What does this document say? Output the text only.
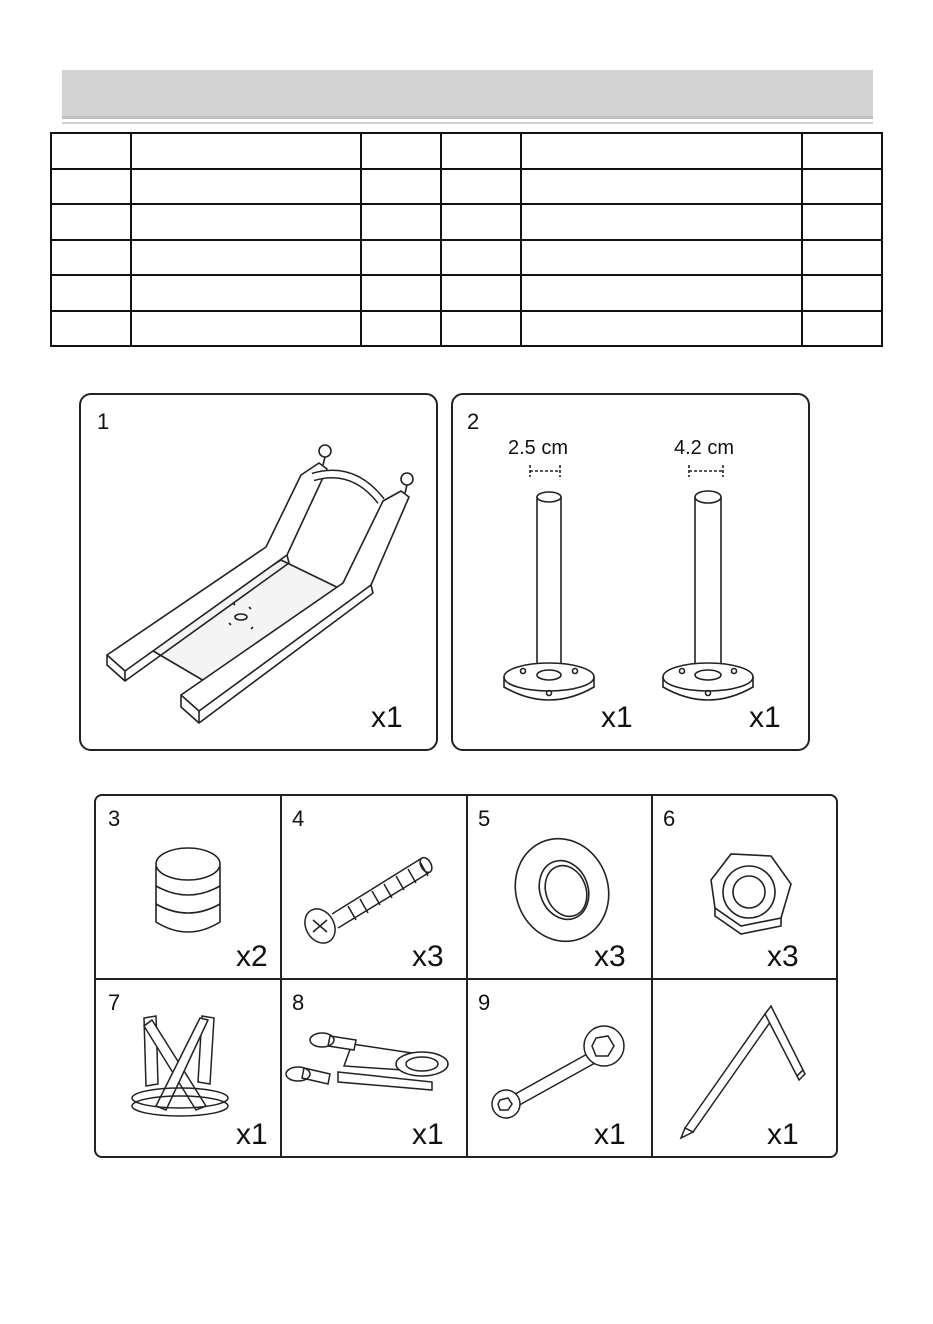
1
x1
2
2.5 cm	4.2 cm
x1	x1
3
x2
4
x3
5
x3
6
x3
7
x1
8
x1
9
x1	x1
